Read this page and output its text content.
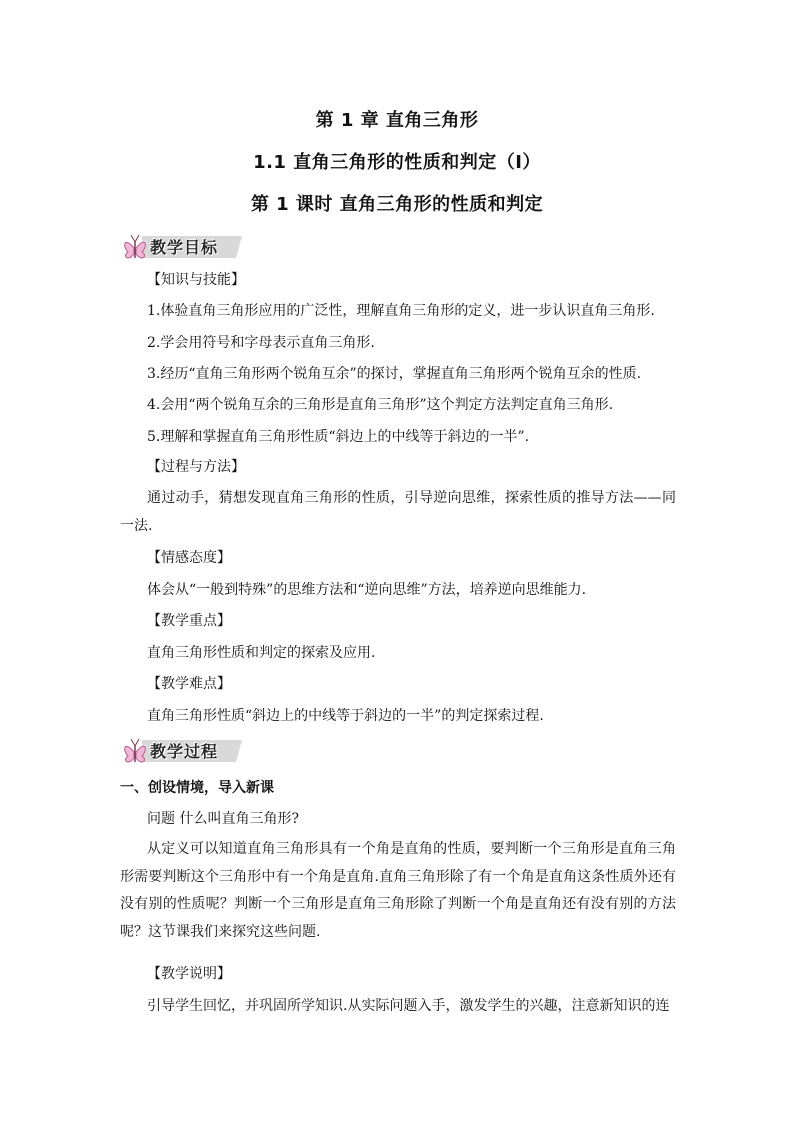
第 1 章 直角三角形
1.1 直角三角形的性质和判定（Ⅰ）
第 1 课时 直角三角形的性质和判定
教学目标
【知识与技能】
1.体验直角三角形应用的广泛性，理解直角三角形的定义，进一步认识直角三角形.
2.学会用符号和字母表示直角三角形.
3.经历“直角三角形两个锐角互余”的探讨，掌握直角三角形两个锐角互余的性质.
4.会用“两个锐角互余的三角形是直角三角形”这个判定方法判定直角三角形.
5.理解和掌握直角三角形性质“斜边上的中线等于斜边的一半”.
【过程与方法】
通过动手，猜想发现直角三角形的性质，引导逆向思维，探索性质的推导方法——同一法.
【情感态度】
体会从“一般到特殊”的思维方法和“逆向思维”方法，培养逆向思维能力.
【教学重点】
直角三角形性质和判定的探索及应用.
【教学难点】
直角三角形性质“斜边上的中线等于斜边的一半”的判定探索过程.
教学过程
一、创设情境，导入新课
问题 什么叫直角三角形?
从定义可以知道直角三角形具有一个角是直角的性质，要判断一个三角形是直角三角形需要判断这个三角形中有一个角是直角.直角三角形除了有一个角是直角这条性质外还有没有别的性质呢？判断一个三角形是直角三角形除了判断一个角是直角还有没有别的方法呢？这节课我们来探究这些问题.
【教学说明】
引导学生回忆，并巩固所学知识.从实际问题入手，激发学生的兴趣，注意新知识的连
